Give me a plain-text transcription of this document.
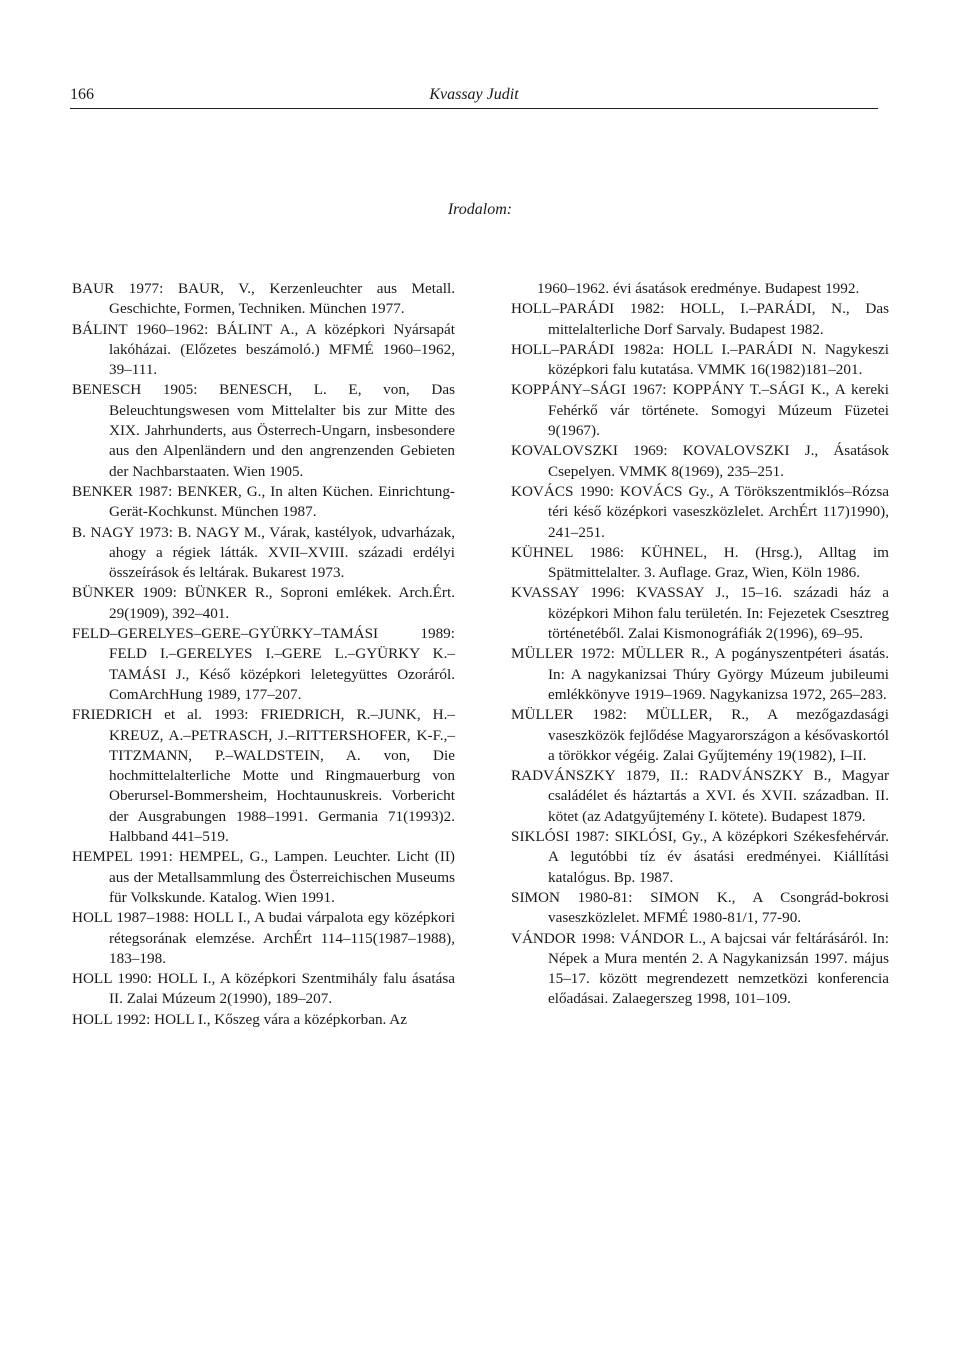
166	Kvassay Judit
Irodalom:

BAUR 1977: BAUR, V., Kerzenleuchter aus Metall. Geschichte, Formen, Techniken. München 1977.

BÁLINT 1960–1962: BÁLINT A., A középkori Nyársapát lakóházai. (Előzetes beszámoló.) MFMÉ 1960–1962, 39–111.

BENESCH 1905: BENESCH, L. E, von, Das Beleuchtungswesen vom Mittelalter bis zur Mitte des XIX. Jahrhunderts, aus Österrech-Ungarn, insbesondere aus den Alpenländern und den angrenzenden Gebieten der Nachbarstaaten. Wien 1905.

BENKER 1987: BENKER, G., In alten Küchen. Einrichtung-Gerät-Kochkunst. München 1987.

B. NAGY 1973: B. NAGY M., Várak, kastélyok, udvarházak, ahogy a régiek látták. XVII–XVIII. századi erdélyi összeírások és leltárak. Bukarest 1973.

BÜNKER 1909: BÜNKER R., Soproni emlékek. Arch.Ért. 29(1909), 392–401.

FELD–GERELYES–GERE–GYÜRKY–TAMÁSI 1989: FELD I.–GERELYES I.–GERE L.–GYÜRKY K.–TAMÁSI J., Késő középkori leletegyüttes Ozoráról. ComArchHung 1989, 177–207.

FRIEDRICH et al. 1993: FRIEDRICH, R.–JUNK, H.–KREUZ, A.–PETRASCH, J.–RITTERSHOFER, K-F.,–TITZMANN, P.–WALDSTEIN, A. von, Die hochmittelalterliche Motte und Ringmauerburg von Oberursel-Bommersheim, Hochtaunuskreis. Vorbericht der Ausgrabungen 1988–1991. Germania 71(1993)2. Halbband 441–519.

HEMPEL 1991: HEMPEL, G., Lampen. Leuchter. Licht (II) aus der Metallsammlung des Österreichischen Museums für Volkskunde. Katalog. Wien 1991.

HOLL 1987–1988: HOLL I., A budai várpalota egy középkori rétegsorának elemzése. ArchÉrt 114–115(1987–1988), 183–198.

HOLL 1990: HOLL I., A középkori Szentmihály falu ásatása II. Zalai Múzeum 2(1990), 189–207.

HOLL 1992: HOLL I., Kőszeg vára a középkorban. Az

1960–1962. évi ásatások eredménye. Budapest 1992.

HOLL–PARÁDI 1982: HOLL, I.–PARÁDI, N., Das mittelalterliche Dorf Sarvaly. Budapest 1982.

HOLL–PARÁDI 1982a: HOLL I.–PARÁDI N. Nagykeszi középkori falu kutatása. VMMK 16(1982)181–201.

KOPPÁNY–SÁGI 1967: KOPPÁNY T.–SÁGI K., A kereki Fehérkő vár története. Somogyi Múzeum Füzetei 9(1967).

KOVALOVSZKI 1969: KOVALOVSZKI J., Ásatások Csepelyen. VMMK 8(1969), 235–251.

KOVÁCS 1990: KOVÁCS Gy., A Törökszentmiklós–Rózsa téri késő középkori vaseszközlelet. ArchÉrt 117)1990), 241–251.

KÜHNEL 1986: KÜHNEL, H. (Hrsg.), Alltag im Spätmittelalter. 3. Auflage. Graz, Wien, Köln 1986.

KVASSAY 1996: KVASSAY J., 15–16. századi ház a középkori Mihon falu területén. In: Fejezetek Csesztreg történetéből. Zalai Kismonográfiák 2(1996), 69–95.

MÜLLER 1972: MÜLLER R., A pogányszentpéteri ásatás. In: A nagykanizsai Thúry György Múzeum jubileumi emlékkönyve 1919–1969. Nagykanizsa 1972, 265–283.

MÜLLER 1982: MÜLLER, R., A mezőgazdasági vaseszközök fejlődése Magyarországon a késővaskortól a törökkor végéig. Zalai Gyűjtemény 19(1982), I–II.

RADVÁNSZKY 1879, II.: RADVÁNSZKY B., Magyar családélet és háztartás a XVI. és XVII. században. II. kötet (az Adatgyűjtemény I. kötete). Budapest 1879.

SIKLÓSI 1987: SIKLÓSI, Gy., A középkori Székesfehérvár. A legutóbbi tíz év ásatási eredményei. Kiállítási katalógus. Bp. 1987.

SIMON 1980-81: SIMON K., A Csongrád-bokrosi vaseszközlelet. MFMÉ 1980-81/1, 77-90.

VÁNDOR 1998: VÁNDOR L., A bajcsai vár feltárásáról. In: Népek a Mura mentén 2. A Nagykanizsán 1997. május 15–17. között megrendezett nemzetközi konferencia előadásai. Zalaegerszeg 1998, 101–109.
